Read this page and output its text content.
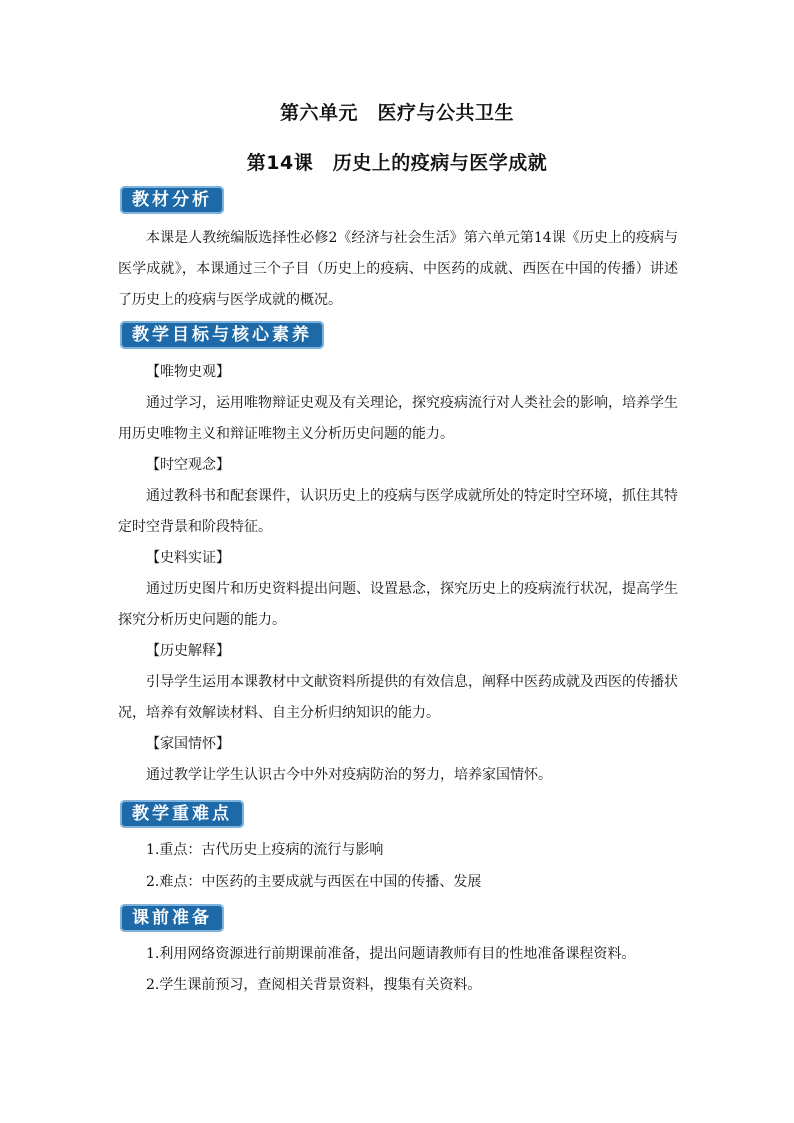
第六单元　医疗与公共卫生
第14课　历史上的疫病与医学成就
教材分析

本课是人教统编版选择性必修2《经济与社会生活》第六单元第14课《历史上的疫病与医学成就》，本课通过三个子目（历史上的疫病、中医药的成就、西医在中国的传播）讲述了历史上的疫病与医学成就的概况。

教学目标与核心素养
【唯物史观】

通过学习，运用唯物辩证史观及有关理论，探究疫病流行对人类社会的影响，培养学生用历史唯物主义和辩证唯物主义分析历史问题的能力。

【时空观念】

通过教科书和配套课件，认识历史上的疫病与医学成就所处的特定时空环境，抓住其特定时空背景和阶段特征。

【史料实证】

通过历史图片和历史资料提出问题、设置悬念，探究历史上的疫病流行状况，提高学生探究分析历史问题的能力。

【历史解释】

引导学生运用本课教材中文献资料所提供的有效信息，阐释中医药成就及西医的传播状况，培养有效解读材料、自主分析归纳知识的能力。

【家国情怀】

通过教学让学生认识古今中外对疫病防治的努力，培养家国情怀。

教学重难点
1.重点：古代历史上疫病的流行与影响
2.难点：中医药的主要成就与西医在中国的传播、发展
课前准备
1.利用网络资源进行前期课前准备，提出问题请教师有目的性地准备课程资料。
2.学生课前预习，查阅相关背景资料，搜集有关资料。
